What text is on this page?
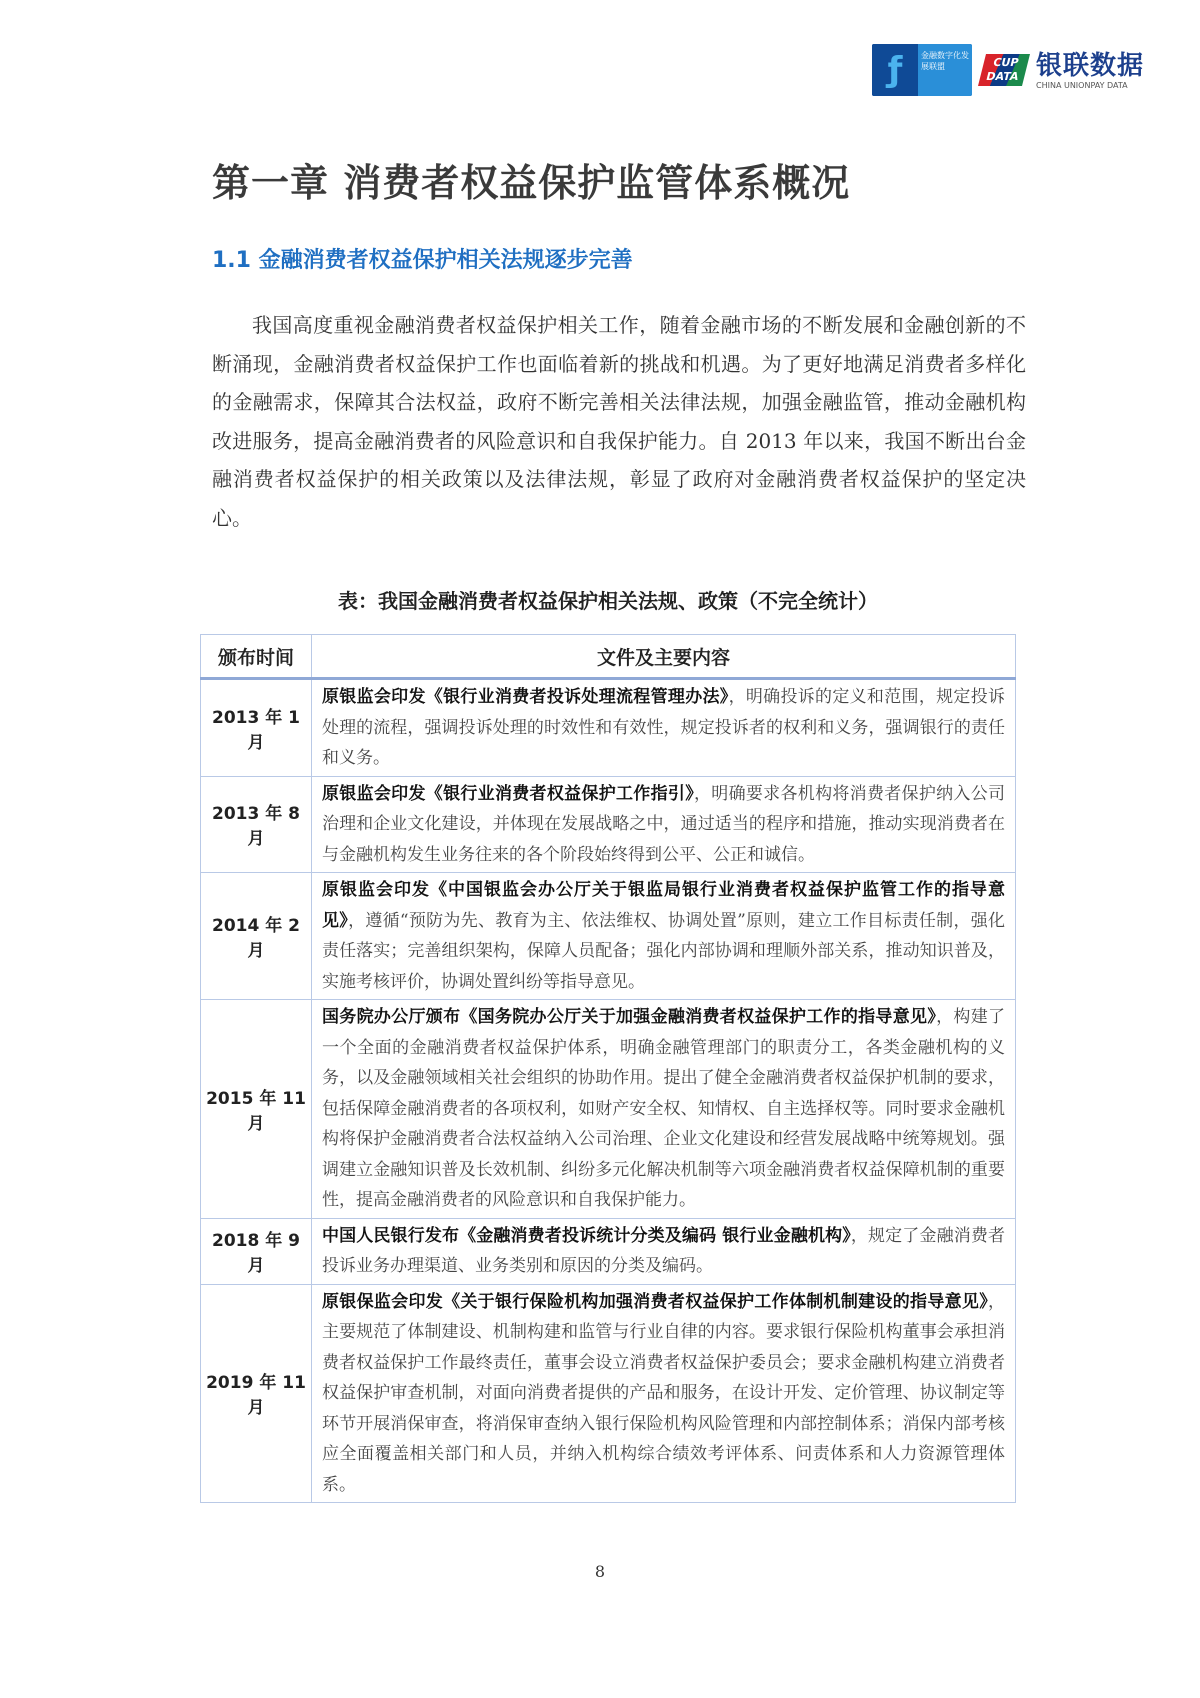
ƒ	金融数字化发展联盟	CUP DATA 银联数据
CHINA UNIONPAY DATA
第一章 消费者权益保护监管体系概况
1.1 金融消费者权益保护相关法规逐步完善

我国高度重视金融消费者权益保护相关工作，随着金融市场的不断发展和金融创新的不断涌现，金融消费者权益保护工作也面临着新的挑战和机遇。为了更好地满足消费者多样化的金融需求，保障其合法权益，政府不断完善相关法律法规，加强金融监管，推动金融机构改进服务，提高金融消费者的风险意识和自我保护能力。自 2013 年以来，我国不断出台金融消费者权益保护的相关政策以及法律法规，彰显了政府对金融消费者权益保护的坚定决心。

表：我国金融消费者权益保护相关法规、政策（不完全统计）
颁布时间	文件及主要内容
2013 年 1 月	原银监会印发《银行业消费者投诉处理流程管理办法》，明确投诉的定义和范围，规定投诉处理的流程，强调投诉处理的时效性和有效性，规定投诉者的权利和义务，强调银行的责任和义务。
2013 年 8 月	原银监会印发《银行业消费者权益保护工作指引》，明确要求各机构将消费者保护纳入公司治理和企业文化建设，并体现在发展战略之中，通过适当的程序和措施，推动实现消费者在与金融机构发生业务往来的各个阶段始终得到公平、公正和诚信。
2014 年 2 月	原银监会印发《中国银监会办公厅关于银监局银行业消费者权益保护监管工作的指导意见》，遵循“预防为先、教育为主、依法维权、协调处置”原则，建立工作目标责任制，强化责任落实；完善组织架构，保障人员配备；强化内部协调和理顺外部关系，推动知识普及，实施考核评价，协调处置纠纷等指导意见。
2015 年 11 月	国务院办公厅颁布《国务院办公厅关于加强金融消费者权益保护工作的指导意见》，构建了一个全面的金融消费者权益保护体系，明确金融管理部门的职责分工，各类金融机构的义务，以及金融领域相关社会组织的协助作用。提出了健全金融消费者权益保护机制的要求，包括保障金融消费者的各项权利，如财产安全权、知情权、自主选择权等。同时要求金融机构将保护金融消费者合法权益纳入公司治理、企业文化建设和经营发展战略中统筹规划。强调建立金融知识普及长效机制、纠纷多元化解决机制等六项金融消费者权益保障机制的重要性，提高金融消费者的风险意识和自我保护能力。
2018 年 9 月	中国人民银行发布《金融消费者投诉统计分类及编码 银行业金融机构》，规定了金融消费者投诉业务办理渠道、业务类别和原因的分类及编码。
2019 年 11 月	原银保监会印发《关于银行保险机构加强消费者权益保护工作体制机制建设的指导意见》，主要规范了体制建设、机制构建和监管与行业自律的内容。要求银行保险机构董事会承担消费者权益保护工作最终责任，董事会设立消费者权益保护委员会；要求金融机构建立消费者权益保护审查机制，对面向消费者提供的产品和服务，在设计开发、定价管理、协议制定等环节开展消保审查，将消保审查纳入银行保险机构风险管理和内部控制体系；消保内部考核应全面覆盖相关部门和人员，并纳入机构综合绩效考评体系、问责体系和人力资源管理体系。
8
